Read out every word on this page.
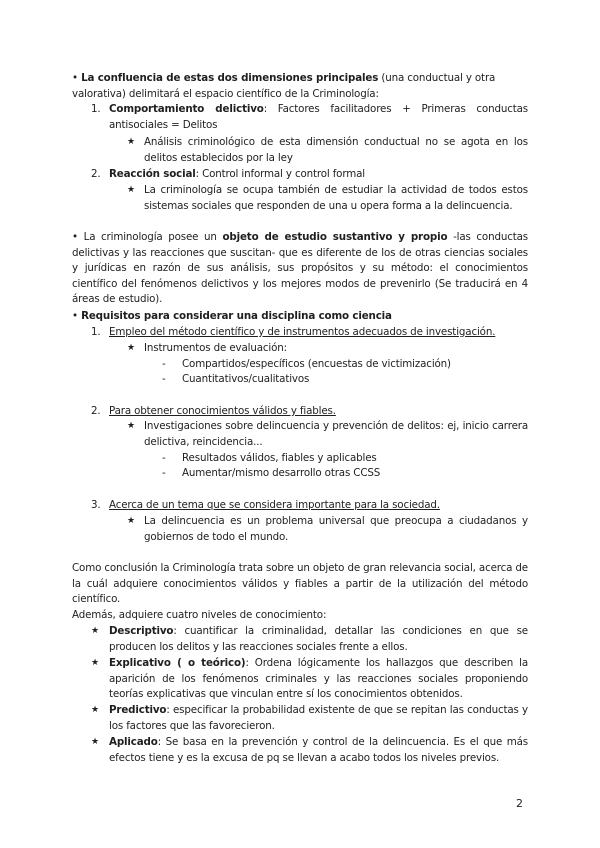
• La confluencia de estas dos dimensiones principales (una conductual y otra valorativa) delimitará el espacio científico de la Criminología:
1. Comportamiento delictivo: Factores facilitadores + Primeras conductas antisociales = Delitos
★ Análisis criminológico de esta dimensión conductual no se agota en los delitos establecidos por la ley
2. Reacción social: Control informal y control formal
★ La criminología se ocupa también de estudiar la actividad de todos estos sistemas sociales que responden de una u opera forma a la delincuencia.
• La criminología posee un objeto de estudio sustantivo y propio -las conductas delictivas y las reacciones que suscitan- que es diferente de los de otras ciencias sociales y jurídicas en razón de sus análisis, sus propósitos y su método: el conocimientos científico del fenómenos delictivos y los mejores modos de prevenirlo (Se traducirá en 4 áreas de estudio).
• Requisitos para considerar una disciplina como ciencia
1. Empleo del método científico y de instrumentos adecuados de investigación.
★ Instrumentos de evaluación:
- Compartidos/específicos (encuestas de victimización)
- Cuantitativos/cualitativos
2. Para obtener conocimientos válidos y fiables.
★ Investigaciones sobre delincuencia y prevención de delitos: ej, inicio carrera delictiva, reincidencia...
- Resultados válidos, fiables y aplicables
- Aumentar/mismo desarrollo otras CCSS
3. Acerca de un tema que se considera importante para la sociedad.
★ La delincuencia es un problema universal que preocupa a ciudadanos y gobiernos de todo el mundo.
Como conclusión la Criminología trata sobre un objeto de gran relevancia social, acerca de la cuál adquiere conocimientos válidos y fiables a partir de la utilización del método científico.
Además, adquiere cuatro niveles de conocimiento:
★ Descriptivo: cuantificar la criminalidad, detallar las condiciones en que se producen los delitos y las reacciones sociales frente a ellos.
★ Explicativo ( o teórico): Ordena lógicamente los hallazgos que describen la aparición de los fenómenos criminales y las reacciones sociales proponiendo teorías explicativas que vinculan entre sí los conocimientos obtenidos.
★ Predictivo: especificar la probabilidad existente de que se repitan las conductas y los factores que las favorecieron.
★ Aplicado: Se basa en la prevención y control de la delincuencia. Es el que más efectos tiene y es la excusa de pq se llevan a acabo todos los niveles previos.
2
